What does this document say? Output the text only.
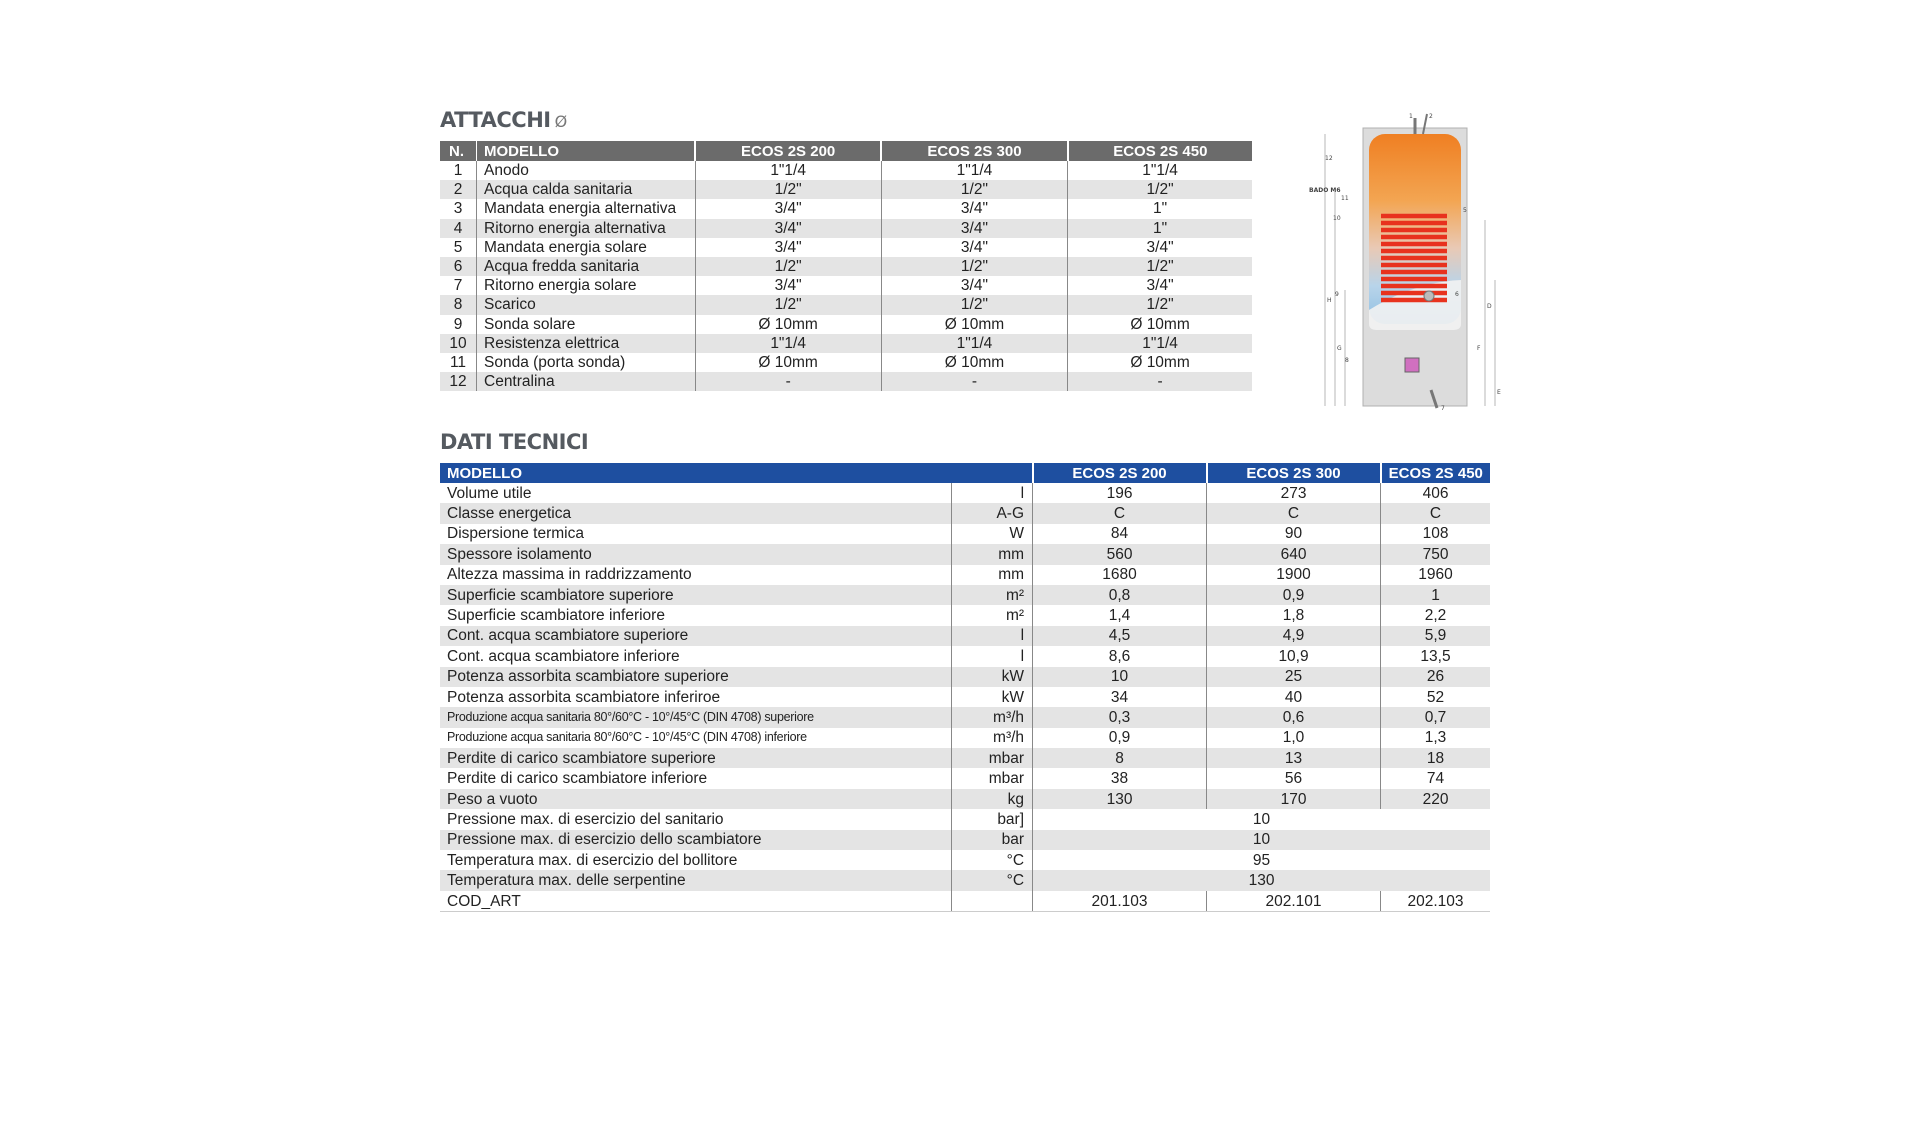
ATTACCHI Ø
N.	MODELLO	ECOS 2S 200	ECOS 2S 300	ECOS 2S 450
1	Anodo	1"1/4	1"1/4	1"1/4
2	Acqua calda sanitaria	1/2"	1/2"	1/2"
3	Mandata energia alternativa	3/4"	3/4"	1"
4	Ritorno energia alternativa	3/4"	3/4"	1"
5	Mandata energia solare	3/4"	3/4"	3/4"
6	Acqua fredda sanitaria	1/2"	1/2"	1/2"
7	Ritorno energia solare	3/4"	3/4"	3/4"
8	Scarico	1/2"	1/2"	1/2"
9	Sonda solare	Ø 10mm	Ø 10mm	Ø 10mm
10	Resistenza elettrica	1"1/4	1"1/4	1"1/4
11	Sonda (porta sonda)	Ø 10mm	Ø 10mm	Ø 10mm
12	Centralina	-	-	-
DATI TECNICI
MODELLO		ECOS 2S 200	ECOS 2S 300	ECOS 2S 450
Volume utile	l	196	273	406
Classe energetica	A-G	C	C	C
Dispersione termica	W	84	90	108
Spessore isolamento	mm	560	640	750
Altezza massima in raddrizzamento	mm	1680	1900	1960
Superficie scambiatore superiore	m²	0,8	0,9	1
Superficie scambiatore inferiore	m²	1,4	1,8	2,2
Cont. acqua scambiatore superiore	l	4,5	4,9	5,9
Cont. acqua scambiatore inferiore	l	8,6	10,9	13,5
Potenza assorbita scambiatore superiore	kW	10	25	26
Potenza assorbita scambiatore inferiroe	kW	34	40	52
Produzione acqua sanitaria 80°/60°C - 10°/45°C (DIN 4708) superiore	m³/h	0,3	0,6	0,7
Produzione acqua sanitaria 80°/60°C - 10°/45°C (DIN 4708) inferiore	m³/h	0,9	1,0	1,3
Perdite di carico scambiatore superiore	mbar	8	13	18
Perdite di carico scambiatore inferiore	mbar	38	56	74
Peso a vuoto	kg	130	170	220
Pressione max. di esercizio del sanitario	bar]	10		
Pressione max. di esercizio dello scambiatore	bar	10		
Temperatura max. di esercizio del bollitore	°C	95		
Temperatura max. delle serpentine	°C	130		
COD_ART		201.103	202.101	202.103
1	2
12
BADO M6
11
10
5
9	6
8
7
H
G
D
F
E
